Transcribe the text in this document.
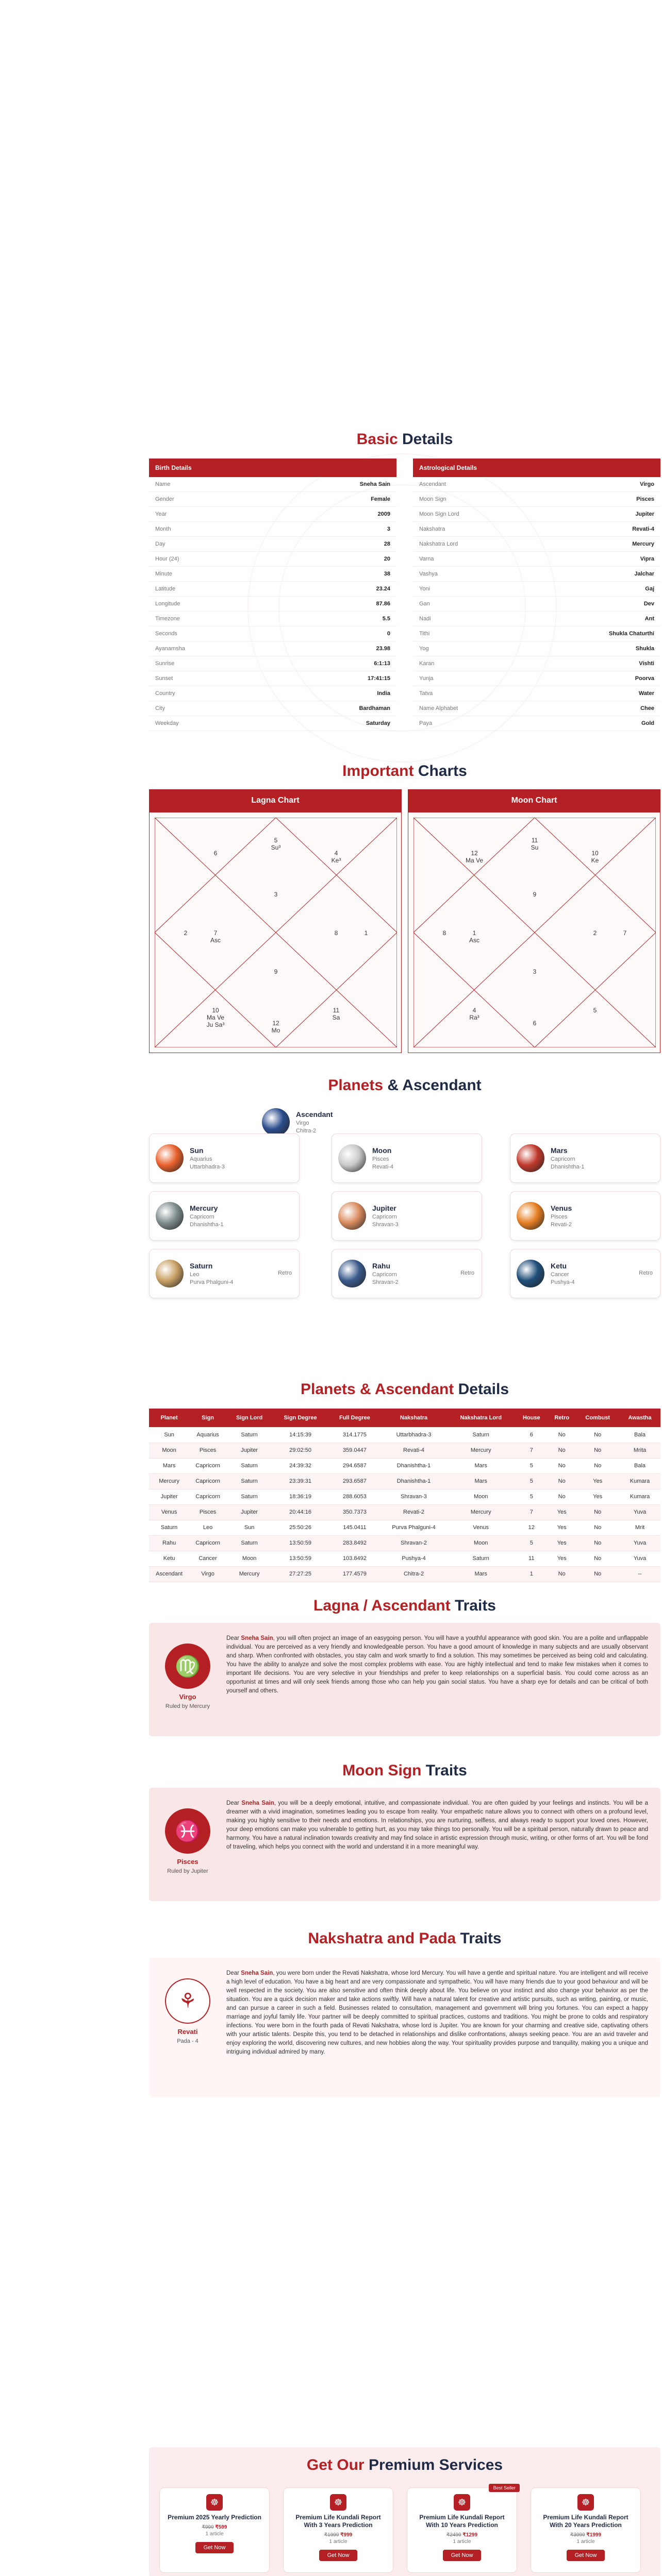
Basic Details
Birth Details
Name	Sneha Sain
Gender	Female
Year	2009
Month	3
Day	28
Hour (24)	20
Minute	38
Latitude	23.24
Longitude	87.86
Timezone	5.5
Seconds	0
Ayanamsha	23.98
Sunrise	6:1:13
Sunset	17:41:15
Country	India
City	Bardhaman
Weekday	Saturday
Astrological Details
Ascendant	Virgo
Moon Sign	Pisces
Moon Sign Lord	Jupiter
Nakshatra	Revati-4
Nakshatra Lord	Mercury
Varna	Vipra
Vashya	Jalchar
Yoni	Gaj
Gan	Dev
Nadi	Ant
Tithi	Shukla Chaturthi
Yog	Shukla
Karan	Vishti
Yunja	Poorva
Tatva	Water
Name Alphabet	Chee
Paya	Gold
Important Charts
Lagna Chart
6
5
Su³
4
Ke³
7
Asc
3
8
2
9
1
10
Ma Ve
Ju Sa³	12
Mo
11
Sa
Moon Chart
12
Ma Ve
11
Su
10
Ke
1
Asc
9
2
8
3
7
4
Ra³
6
5
Planets & Ascendant
Ascendant
Virgo
Chitra-2
Sun
Aquarius
Uttarbhadra-3
Moon
Pisces
Revati-4
Mars
Capricorn
Dhanishtha-1
Mercury
Capricorn
Dhanishtha-1
Jupiter
Capricorn
Shravan-3
Venus
Pisces
Revati-2
Saturn
Leo
Purva Phalguni-4
Retro
Rahu
Capricorn
Shravan-2
Retro
Ketu
Cancer
Pushya-4
Retro
Planets & Ascendant Details
Planet	Sign	Sign Lord	Sign Degree	Full Degree	Nakshatra	Nakshatra Lord	House	Retro	Combust	Awastha
Sun	Aquarius	Saturn	14:15:39	314.1775	Uttarbhadra-3	Saturn	6	No	No	Bala
Moon	Pisces	Jupiter	29:02:50	359.0447	Revati-4	Mercury	7	No	No	Mrita
Mars	Capricorn	Saturn	24:39:32	294.6587	Dhanishtha-1	Mars	5	No	No	Bala
Mercury	Capricorn	Saturn	23:39:31	293.6587	Dhanishtha-1	Mars	5	No	Yes	Kumara
Jupiter	Capricorn	Saturn	18:36:19	288.6053	Shravan-3	Moon	5	No	Yes	Kumara
Venus	Pisces	Jupiter	20:44:16	350.7373	Revati-2	Mercury	7	Yes	No	Yuva
Saturn	Leo	Sun	25:50:26	145.0411	Purva Phalguni-4	Venus	12	Yes	No	Mrit
Rahu	Capricorn	Saturn	13:50:59	283.8492	Shravan-2	Moon	5	Yes	No	Yuva
Ketu	Cancer	Moon	13:50:59	103.8492	Pushya-4	Saturn	11	Yes	No	Yuva
Ascendant	Virgo	Mercury	27:27:25	177.4579	Chitra-2	Mars	1	No	No	--
Lagna / Ascendant Traits
♍
Virgo
Ruled by Mercury
Dear Sneha Sain, you will often project an image of an easygoing person. You will have a youthful appearance with good skin. You are a polite and unflappable individual. You are perceived as a very friendly and knowledgeable person. You have a good amount of knowledge in many subjects and are usually observant and sharp. When confronted with obstacles, you stay calm and work smartly to find a solution. This may sometimes be perceived as being cold and calculating. You have the ability to analyze and solve the most complex problems with ease. You are highly intellectual and tend to make few mistakes when it comes to important life decisions. You are very selective in your friendships and prefer to keep relationships on a superficial basis. You could come across as an opportunist at times and will only seek friends among those who can help you gain social status. You have a sharp eye for details and can be critical of both yourself and others.
Moon Sign Traits
♓
Pisces
Ruled by Jupiter
Dear Sneha Sain, you will be a deeply emotional, intuitive, and compassionate individual. You are often guided by your feelings and instincts. You will be a dreamer with a vivid imagination, sometimes leading you to escape from reality. Your empathetic nature allows you to connect with others on a profound level, making you highly sensitive to their needs and emotions. In relationships, you are nurturing, selfless, and always ready to support your loved ones. However, your deep emotions can make you vulnerable to getting hurt, as you may take things too personally. You will be a spiritual person, naturally drawn to peace and harmony. You have a natural inclination towards creativity and may find solace in artistic expression through music, writing, or other forms of art. You will be fond of traveling, which helps you connect with the world and understand it in a more meaningful way.
Nakshatra and Pada Traits
⚘
Revati
Pada - 4
Dear Sneha Sain, you were born under the Revati Nakshatra, whose lord Mercury. You will have a gentle and spiritual nature. You are intelligent and will receive a high level of education. You have a big heart and are very compassionate and sympathetic. You will have many friends due to your good behaviour and will be well respected in the society. You are also sensitive and often think deeply about life. You believe on your instinct and also change your behavior as per the situation. You are a quick decision maker and take actions swiftly. Will have a natural talent for creative and artistic pursuits, such as writing, painting, or music, and can pursue a career in such a field. Businesses related to consultation, management and government will bring you fortunes. You can expect a happy marriage and joyful family life. Your partner will be deeply committed to spiritual practices, customs and traditions. You might be prone to colds and respiratory infections. You were born in the fourth pada of Revati Nakshatra, whose lord is Jupiter. You are known for your charming and creative side, captivating others with your artistic talents. Despite this, you tend to be detached in relationships and dislike confrontations, always seeking peace. You are an avid traveler and enjoy exploring the world, discovering new cultures, and new hobbies along the way. Your spirituality provides purpose and tranquility, making you a unique and intriguing individual admired by many.
Get Our Premium Services
☸
Premium 2025 Yearly Prediction
₹999 ₹599
1 article
Get Now
☸
Premium Life Kundali Report With 3 Years Prediction
₹1999 ₹999
1 article
Get Now
Best Seller
☸
Premium Life Kundali Report With 10 Years Prediction
₹2499 ₹1299
1 article
Get Now
☸
Premium Life Kundali Report With 20 Years Prediction
₹3999 ₹1999
1 article
Get Now
